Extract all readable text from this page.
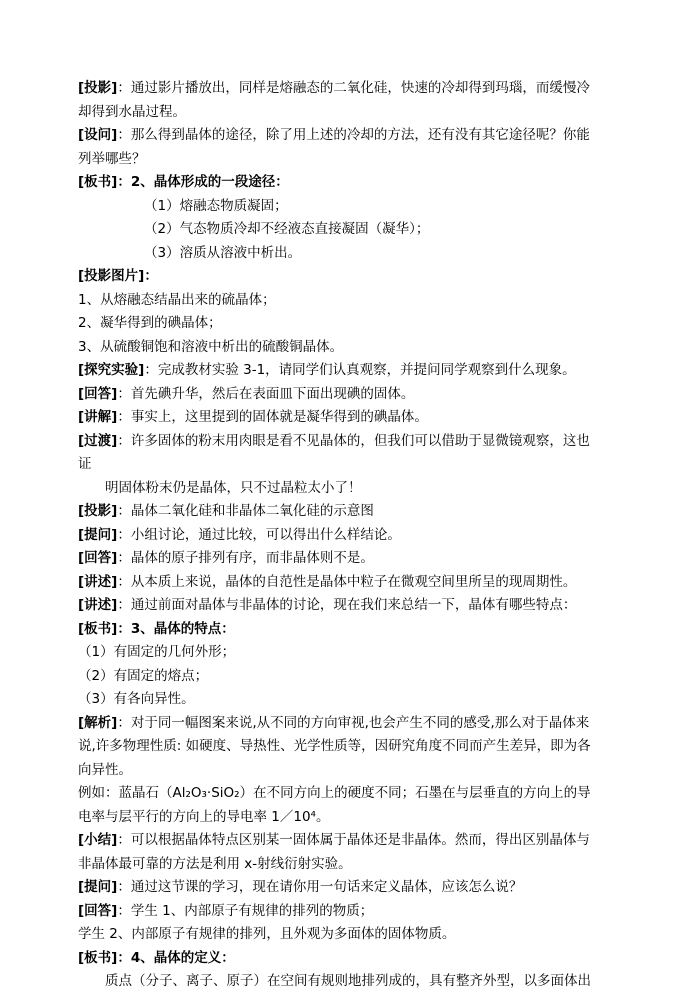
[投影]：通过影片播放出，同样是熔融态的二氧化硅，快速的冷却得到玛瑙，而缓慢冷

却得到水晶过程。

[设问]：那么得到晶体的途径，除了用上述的冷却的方法，还有没有其它途径呢？你能

列举哪些？

[板书]：2、晶体形成的一段途径：

（1）熔融态物质凝固；

（2）气态物质冷却不经液态直接凝固（凝华）；

（3）溶质从溶液中析出。

[投影图片]：

1、从熔融态结晶出来的硫晶体；

2、凝华得到的碘晶体；

3、从硫酸铜饱和溶液中析出的硫酸铜晶体。

[探究实验]：完成教材实验 3-1，请同学们认真观察，并提问同学观察到什么现象。

[回答]：首先碘升华，然后在表面皿下面出现碘的固体。

[讲解]：事实上，这里提到的固体就是凝华得到的碘晶体。

[过渡]：许多固体的粉末用肉眼是看不见晶体的，但我们可以借助于显微镜观察，这也

证

明固体粉末仍是晶体，只不过晶粒太小了！

[投影]：晶体二氧化硅和非晶体二氧化硅的示意图

[提问]：小组讨论，通过比较，可以得出什么样结论。

[回答]：晶体的原子排列有序，而非晶体则不是。

[讲述]：从本质上来说，晶体的自范性是晶体中粒子在微观空间里所呈的现周期性。

[讲述]：通过前面对晶体与非晶体的讨论，现在我们来总结一下，晶体有哪些特点：

[板书]：3、晶体的特点：

（1）有固定的几何外形；

（2）有固定的熔点；

（3）有各向异性。

[解析]：对于同一幅图案来说,从不同的方向审视,也会产生不同的感受,那么对于晶体来

说,许多物理性质: 如硬度、导热性、光学性质等，因研究角度不同而产生差异，即为各

向异性。

例如：蓝晶石（Al₂O₃·SiO₂）在不同方向上的硬度不同；石墨在与层垂直的方向上的导

电率与层平行的方向上的导电率 1／10⁴。

[小结]：可以根据晶体特点区别某一固体属于晶体还是非晶体。然而，得出区别晶体与

非晶体最可靠的方法是利用 x-射线衍射实验。

[提问]：通过这节课的学习，现在请你用一句话来定义晶体，应该怎么说？

[回答]：学生 1、内部原子有规律的排列的物质；

学生 2、内部原子有规律的排列，且外观为多面体的固体物质。

[板书]：4、晶体的定义：

质点（分子、离子、原子）在空间有规则地排列成的，具有整齐外型，以多面体出
